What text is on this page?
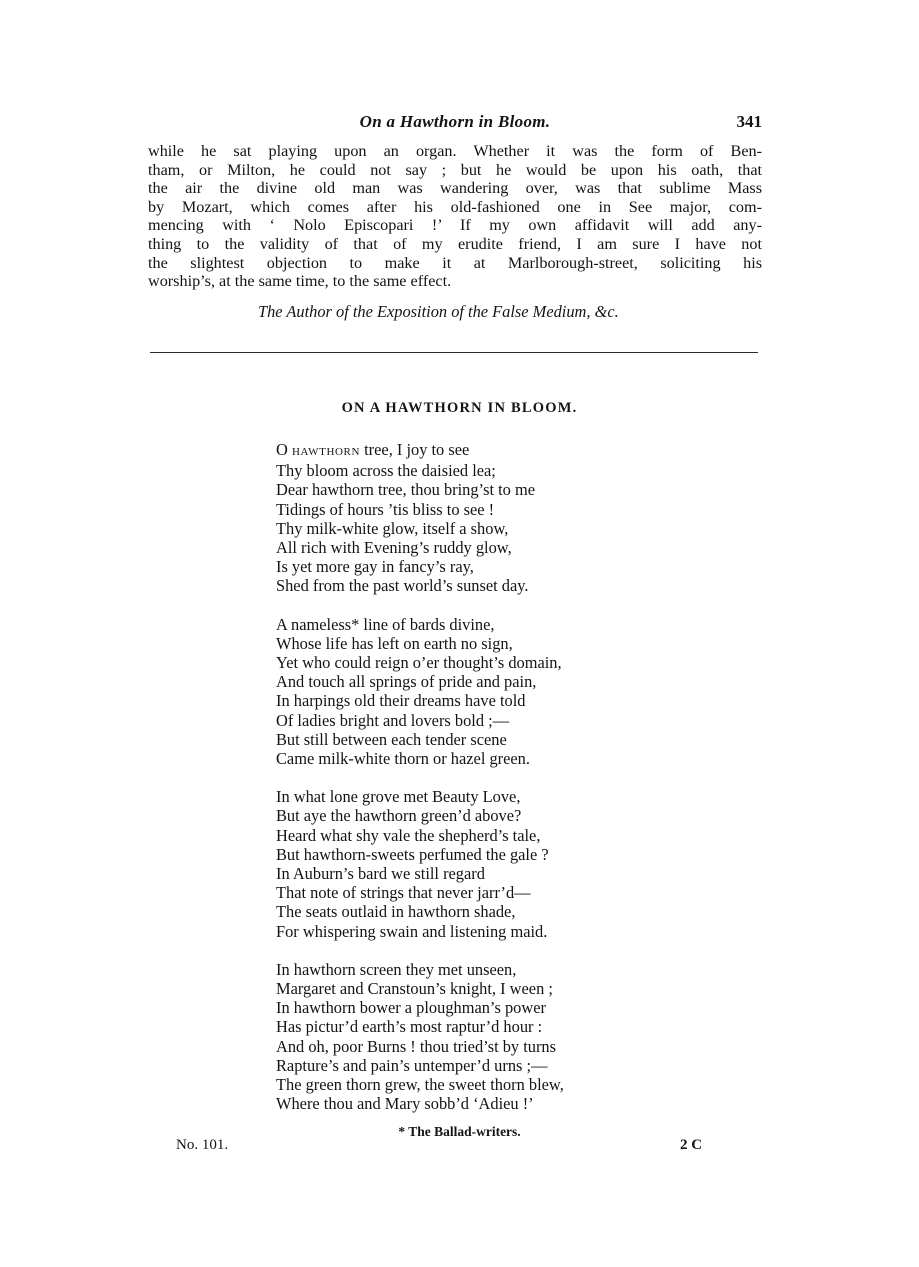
On a Hawthorn in Bloom.	341
while he sat playing upon an organ. Whether it was the form of Ben-
tham, or Milton, he could not say ; but he would be upon his oath, that
the air the divine old man was wandering over, was that sublime Mass
by Mozart, which comes after his old-fashioned one in See major, com-
mencing with ‘ Nolo Episcopari !’ If my own affidavit will add any-
thing to the validity of that of my erudite friend, I am sure I have not
the slightest objection to make it at Marlborough-street, soliciting his
worship’s, at the same time, to the same effect.
The Author of the Exposition of the False Medium, &c.
ON A HAWTHORN IN BLOOM.
O hawthorn tree, I joy to see
Thy bloom across the daisied lea;
Dear hawthorn tree, thou bring’st to me
Tidings of hours ’tis bliss to see !
Thy milk-white glow, itself a show,
All rich with Evening’s ruddy glow,
Is yet more gay in fancy’s ray,
Shed from the past world’s sunset day.
A nameless* line of bards divine,
Whose life has left on earth no sign,
Yet who could reign o’er thought’s domain,
And touch all springs of pride and pain,
In harpings old their dreams have told
Of ladies bright and lovers bold ;—
But still between each tender scene
Came milk-white thorn or hazel green.
In what lone grove met Beauty Love,
But aye the hawthorn green’d above?
Heard what shy vale the shepherd’s tale,
But hawthorn-sweets perfumed the gale ?
In Auburn’s bard we still regard
That note of strings that never jarr’d—
The seats outlaid in hawthorn shade,
For whispering swain and listening maid.
In hawthorn screen they met unseen,
Margaret and Cranstoun’s knight, I ween ;
In hawthorn bower a ploughman’s power
Has pictur’d earth’s most raptur’d hour :
And oh, poor Burns ! thou tried’st by turns
Rapture’s and pain’s untemper’d urns ;—
The green thorn grew, the sweet thorn blew,
Where thou and Mary sobb’d ‘Adieu !’
* The Ballad-writers.
No. 101.	2 C
